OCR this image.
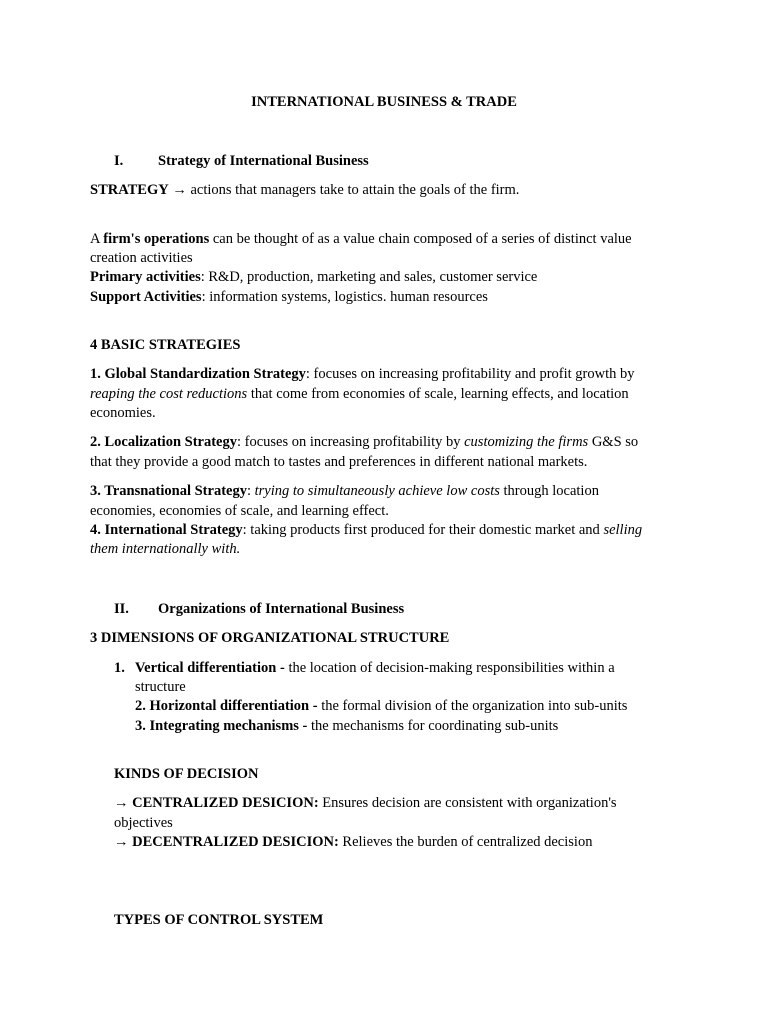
INTERNATIONAL BUSINESS & TRADE
I. Strategy of International Business
STRATEGY → actions that managers take to attain the goals of the firm.
A firm's operations can be thought of as a value chain composed of a series of distinct value
creation activities
Primary activities: R&D, production, marketing and sales, customer service
Support Activities: information systems, logistics. human resources
4 BASIC STRATEGIES
1. Global Standardization Strategy: focuses on increasing profitability and profit growth by
reaping the cost reductions that come from economies of scale, learning effects, and location
economies.
2. Localization Strategy: focuses on increasing profitability by customizing the firms G&S so
that they provide a good match to tastes and preferences in different national markets.
3. Transnational Strategy: trying to simultaneously achieve low costs through location
economies, economies of scale, and learning effect.
4. International Strategy: taking products first produced for their domestic market and selling
them internationally with.
II. Organizations of International Business
3 DIMENSIONS OF ORGANIZATIONAL STRUCTURE
1. Vertical differentiation - the location of decision-making responsibilities within a
structure
2. Horizontal differentiation - the formal division of the organization into sub-units
3. Integrating mechanisms - the mechanisms for coordinating sub-units
KINDS OF DECISION
→ CENTRALIZED DESICION: Ensures decision are consistent with organization's
objectives
→ DECENTRALIZED DESICION: Relieves the burden of centralized decision
TYPES OF CONTROL SYSTEM
